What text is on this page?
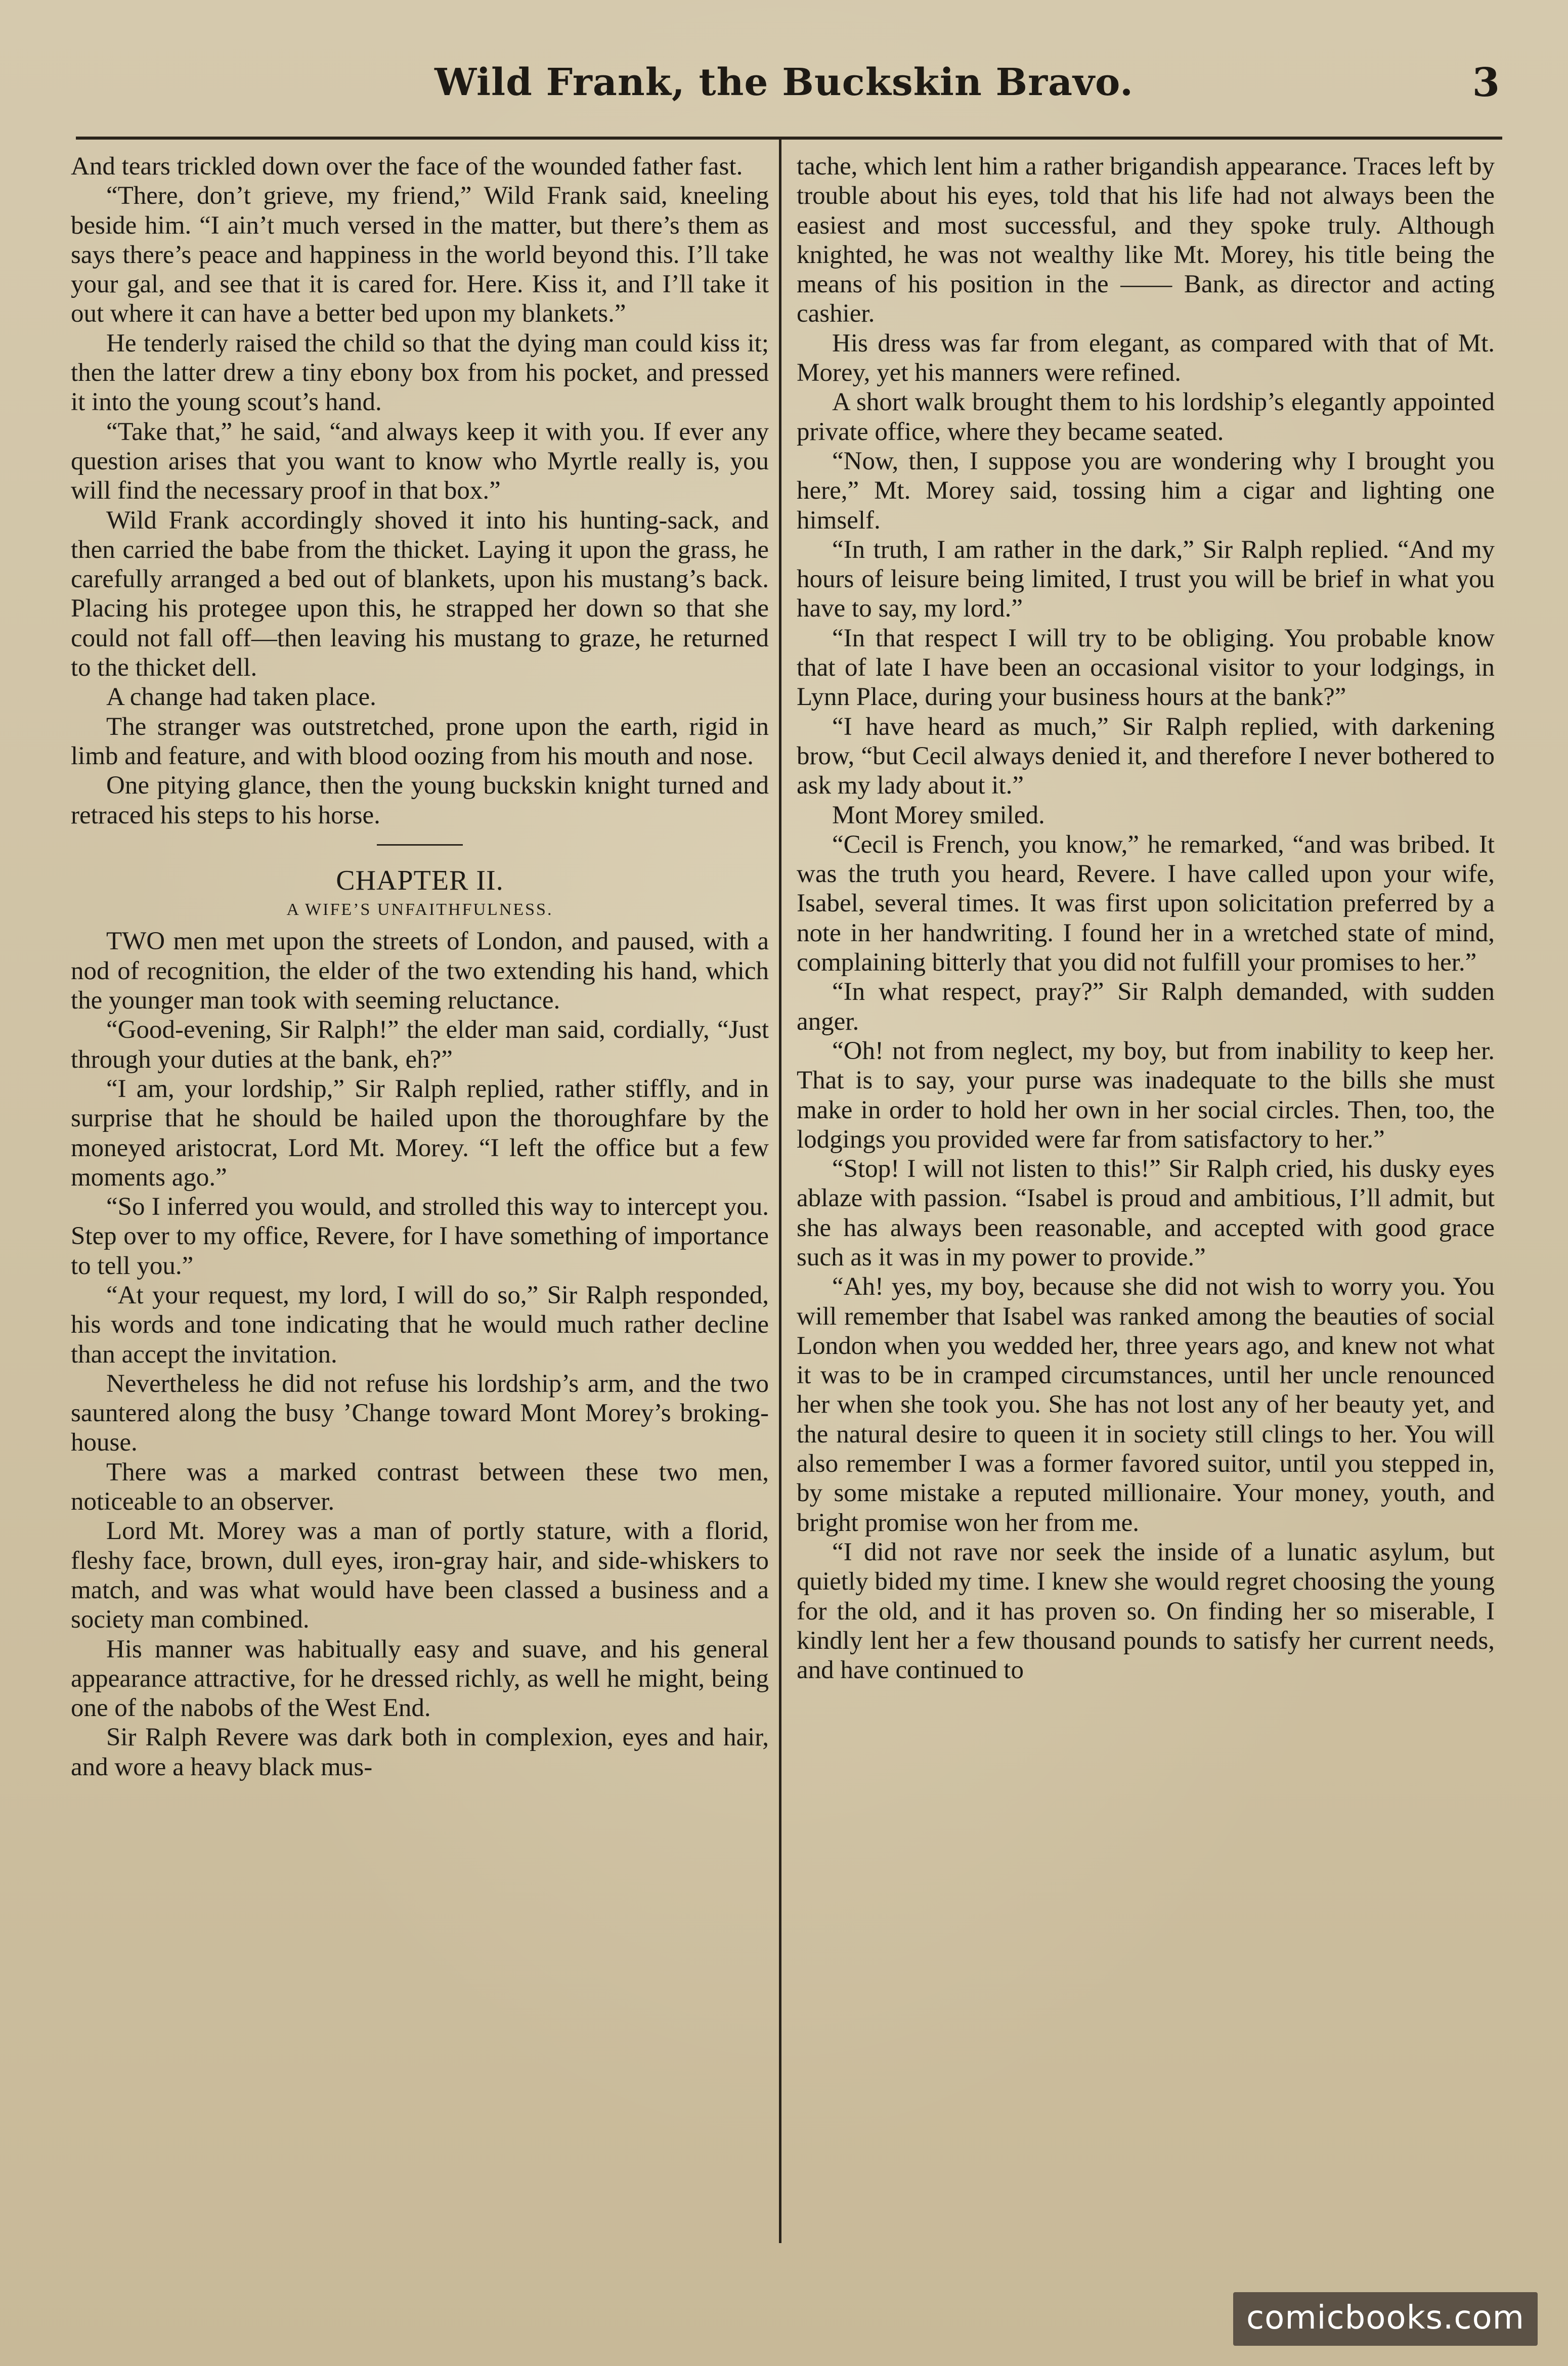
Wild Frank, the Buckskin Bravo.	3

And tears trickled down over the face of the wounded father fast.

“There, don’t grieve, my friend,” Wild Frank said, kneeling beside him. “I ain’t much versed in the matter, but there’s them as says there’s peace and happiness in the world beyond this. I’ll take your gal, and see that it is cared for. Here. Kiss it, and I’ll take it out where it can have a better bed upon my blankets.”

He tenderly raised the child so that the dying man could kiss it; then the latter drew a tiny ebony box from his pocket, and pressed it into the young scout’s hand.

“Take that,” he said, “and always keep it with you. If ever any question arises that you want to know who Myrtle really is, you will find the necessary proof in that box.”

Wild Frank accordingly shoved it into his hunting-sack, and then carried the babe from the thicket. Laying it upon the grass, he carefully arranged a bed out of blankets, upon his mustang’s back. Placing his protegee upon this, he strapped her down so that she could not fall off—then leaving his mustang to graze, he returned to the thicket dell.

A change had taken place.

The stranger was outstretched, prone upon the earth, rigid in limb and feature, and with blood oozing from his mouth and nose.

One pitying glance, then the young buckskin knight turned and retraced his steps to his horse.

CHAPTER II.
A WIFE’S UNFAITHFULNESS.

TWO men met upon the streets of London, and paused, with a nod of recognition, the elder of the two extending his hand, which the younger man took with seeming reluctance.

“Good-evening, Sir Ralph!” the elder man said, cordially, “Just through your duties at the bank, eh?”

“I am, your lordship,” Sir Ralph replied, rather stiffly, and in surprise that he should be hailed upon the thoroughfare by the moneyed aristocrat, Lord Mt. Morey. “I left the office but a few moments ago.”

“So I inferred you would, and strolled this way to intercept you. Step over to my office, Revere, for I have something of importance to tell you.”

“At your request, my lord, I will do so,” Sir Ralph responded, his words and tone indicating that he would much rather decline than accept the invitation.

Nevertheless he did not refuse his lordship’s arm, and the two sauntered along the busy ’Change toward Mont Morey’s broking-house.

There was a marked contrast between these two men, noticeable to an observer.

Lord Mt. Morey was a man of portly stature, with a florid, fleshy face, brown, dull eyes, iron-gray hair, and side-whiskers to match, and was what would have been classed a business and a society man combined.

His manner was habitually easy and suave, and his general appearance attractive, for he dressed richly, as well he might, being one of the nabobs of the West End.

Sir Ralph Revere was dark both in complexion, eyes and hair, and wore a heavy black mus-

tache, which lent him a rather brigandish appearance. Traces left by trouble about his eyes, told that his life had not always been the easiest and most successful, and they spoke truly. Although knighted, he was not wealthy like Mt. Morey, his title being the means of his position in the —— Bank, as director and acting cashier.

His dress was far from elegant, as compared with that of Mt. Morey, yet his manners were refined.

A short walk brought them to his lordship’s elegantly appointed private office, where they became seated.

“Now, then, I suppose you are wondering why I brought you here,” Mt. Morey said, tossing him a cigar and lighting one himself.

“In truth, I am rather in the dark,” Sir Ralph replied. “And my hours of leisure being limited, I trust you will be brief in what you have to say, my lord.”

“In that respect I will try to be obliging. You probable know that of late I have been an occasional visitor to your lodgings, in Lynn Place, during your business hours at the bank?”

“I have heard as much,” Sir Ralph replied, with darkening brow, “but Cecil always denied it, and therefore I never bothered to ask my lady about it.”

Mont Morey smiled.

“Cecil is French, you know,” he remarked, “and was bribed. It was the truth you heard, Revere. I have called upon your wife, Isabel, several times. It was first upon solicitation preferred by a note in her handwriting. I found her in a wretched state of mind, complaining bitterly that you did not fulfill your promises to her.”

“In what respect, pray?” Sir Ralph demanded, with sudden anger.

“Oh! not from neglect, my boy, but from inability to keep her. That is to say, your purse was inadequate to the bills she must make in order to hold her own in her social circles. Then, too, the lodgings you provided were far from satisfactory to her.”

“Stop! I will not listen to this!” Sir Ralph cried, his dusky eyes ablaze with passion. “Isabel is proud and ambitious, I’ll admit, but she has always been reasonable, and accepted with good grace such as it was in my power to provide.”

“Ah! yes, my boy, because she did not wish to worry you. You will remember that Isabel was ranked among the beauties of social London when you wedded her, three years ago, and knew not what it was to be in cramped circumstances, until her uncle renounced her when she took you. She has not lost any of her beauty yet, and the natural desire to queen it in society still clings to her. You will also remember I was a former favored suitor, until you stepped in, by some mistake a reputed millionaire. Your money, youth, and bright promise won her from me.

“I did not rave nor seek the inside of a lunatic asylum, but quietly bided my time. I knew she would regret choosing the young for the old, and it has proven so. On finding her so miserable, I kindly lent her a few thousand pounds to satisfy her current needs, and have continued to

comicbooks.com
